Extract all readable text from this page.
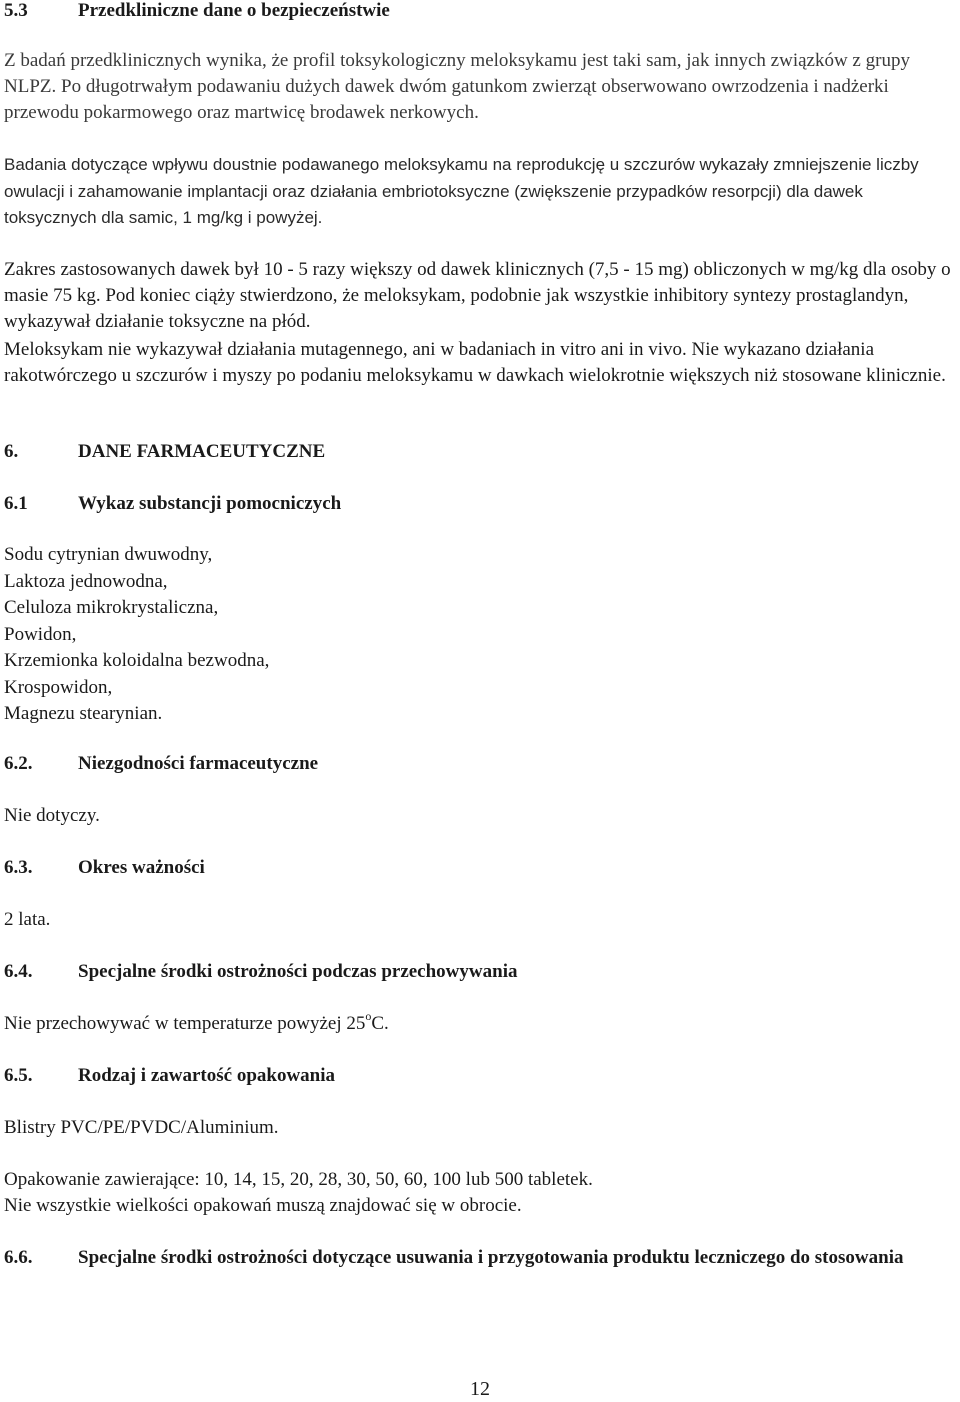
5.3	Przedkliniczne dane o bezpieczeństwie

Z badań przedklinicznych wynika, że profil toksykologiczny meloksykamu jest taki sam, jak innych związków z grupy NLPZ. Po długotrwałym podawaniu dużych dawek dwóm gatunkom zwierząt obserwowano owrzodzenia i nadżerki przewodu pokarmowego oraz martwicę brodawek nerkowych.

Badania dotyczące wpływu doustnie podawanego meloksykamu na reprodukcję u szczurów wykazały zmniejszenie liczby owulacji i zahamowanie implantacji oraz działania embriotoksyczne (zwiększenie przypadków resorpcji) dla dawek toksycznych dla samic, 1 mg/kg i powyżej.

Zakres zastosowanych dawek był 10 - 5 razy większy od dawek klinicznych (7,5 - 15 mg) obliczonych w mg/kg dla osoby o masie 75 kg. Pod koniec ciąży stwierdzono, że meloksykam, podobnie jak wszystkie inhibitory syntezy prostaglandyn, wykazywał działanie toksyczne na płód.

Meloksykam nie wykazywał działania mutagennego, ani w badaniach in vitro ani in vivo. Nie wykazano działania rakotwórczego u szczurów i myszy po podaniu meloksykamu w dawkach wielokrotnie większych niż stosowane klinicznie.

6.	DANE FARMACEUTYCZNE
6.1	Wykaz substancji pomocniczych
Sodu cytrynian dwuwodny,
Laktoza jednowodna,
Celuloza mikrokrystaliczna,
Powidon,
Krzemionka koloidalna bezwodna,
Krospowidon,
Magnezu stearynian.
6.2.	Niezgodności farmaceutyczne

Nie dotyczy.

6.3.	Okres ważności

2 lata.

6.4.	Specjalne środki ostrożności podczas przechowywania

Nie przechowywać w temperaturze powyżej 25$^o$C.

6.5.	Rodzaj i zawartość opakowania

Blistry PVC/PE/PVDC/Aluminium.

Opakowanie zawierające: 10, 14, 15, 20, 28, 30, 50, 60, 100 lub 500 tabletek.

Nie wszystkie wielkości opakowań muszą znajdować się w obrocie.

6.6.	Specjalne środki ostrożności dotyczące usuwania i przygotowania produktu leczniczego do stosowania
12
